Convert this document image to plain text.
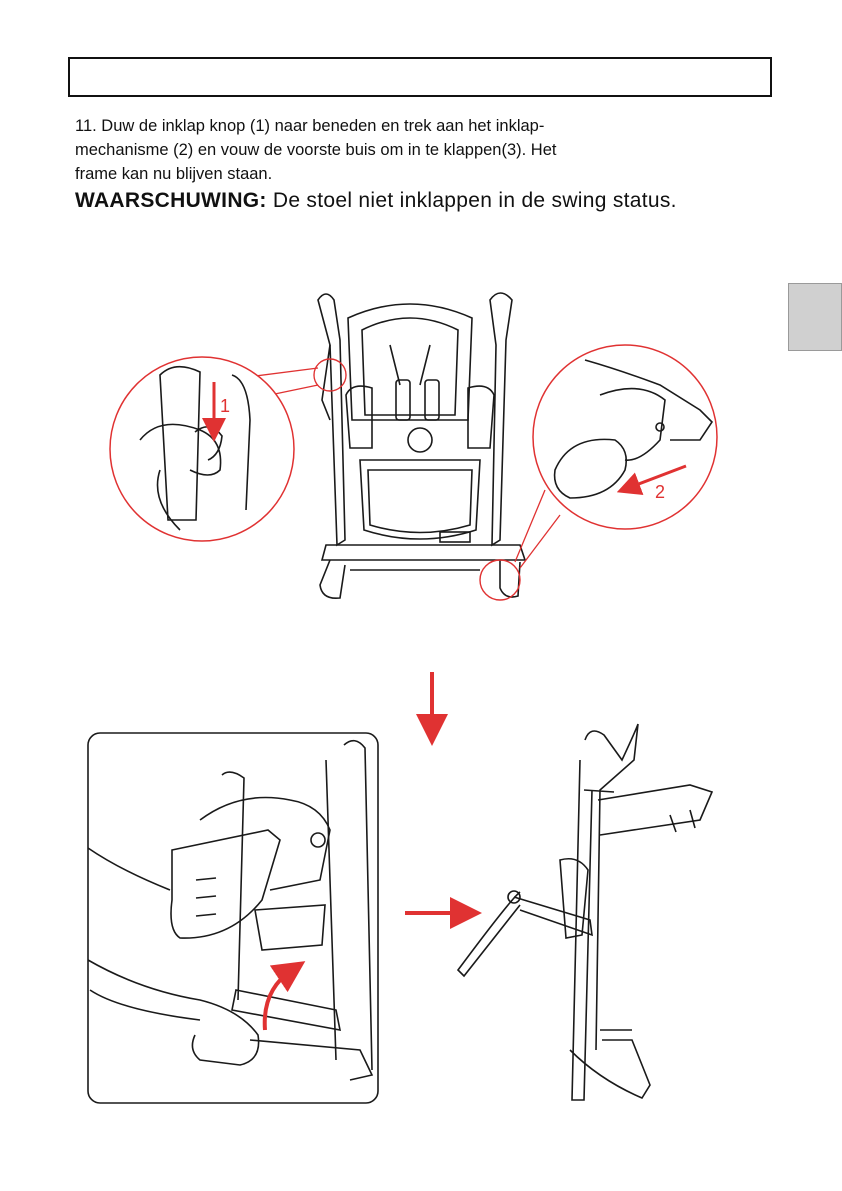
11. Duw de inklap knop (1) naar beneden en trek aan het inklap-
mechanisme (2) en vouw de voorste buis om in te klappen(3). Het
frame kan nu blijven staan.

WAARSCHUWING: De stoel niet inklappen in de swing status.

1
2
